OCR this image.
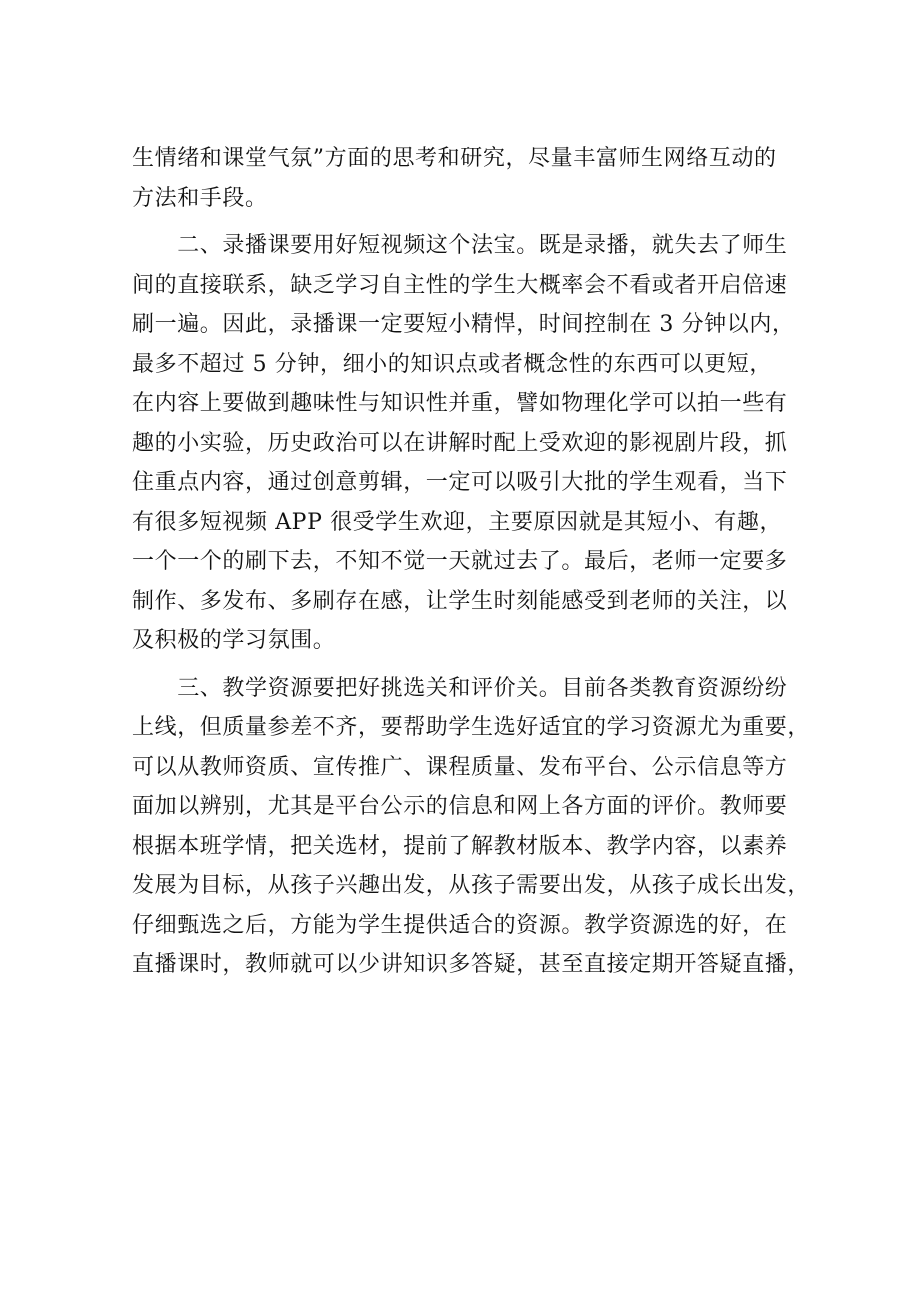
生情绪和课堂气氛”方面的思考和研究，尽量丰富师生网络互动的
方法和手段。
　　二、录播课要用好短视频这个法宝。既是录播，就失去了师生
间的直接联系，缺乏学习自主性的学生大概率会不看或者开启倍速
刷一遍。因此，录播课一定要短小精悍，时间控制在 3 分钟以内，
最多不超过 5 分钟，细小的知识点或者概念性的东西可以更短，
在内容上要做到趣味性与知识性并重，譬如物理化学可以拍一些有
趣的小实验，历史政治可以在讲解时配上受欢迎的影视剧片段，抓
住重点内容，通过创意剪辑，一定可以吸引大批的学生观看，当下
有很多短视频 APP 很受学生欢迎，主要原因就是其短小、有趣，
一个一个的刷下去，不知不觉一天就过去了。最后，老师一定要多
制作、多发布、多刷存在感，让学生时刻能感受到老师的关注，以
及积极的学习氛围。
　　三、教学资源要把好挑选关和评价关。目前各类教育资源纷纷
上线，但质量参差不齐，要帮助学生选好适宜的学习资源尤为重要，
可以从教师资质、宣传推广、课程质量、发布平台、公示信息等方
面加以辨别，尤其是平台公示的信息和网上各方面的评价。教师要
根据本班学情，把关选材，提前了解教材版本、教学内容，以素养
发展为目标，从孩子兴趣出发，从孩子需要出发，从孩子成长出发，
仔细甄选之后，方能为学生提供适合的资源。教学资源选的好，在
直播课时，教师就可以少讲知识多答疑，甚至直接定期开答疑直播，
